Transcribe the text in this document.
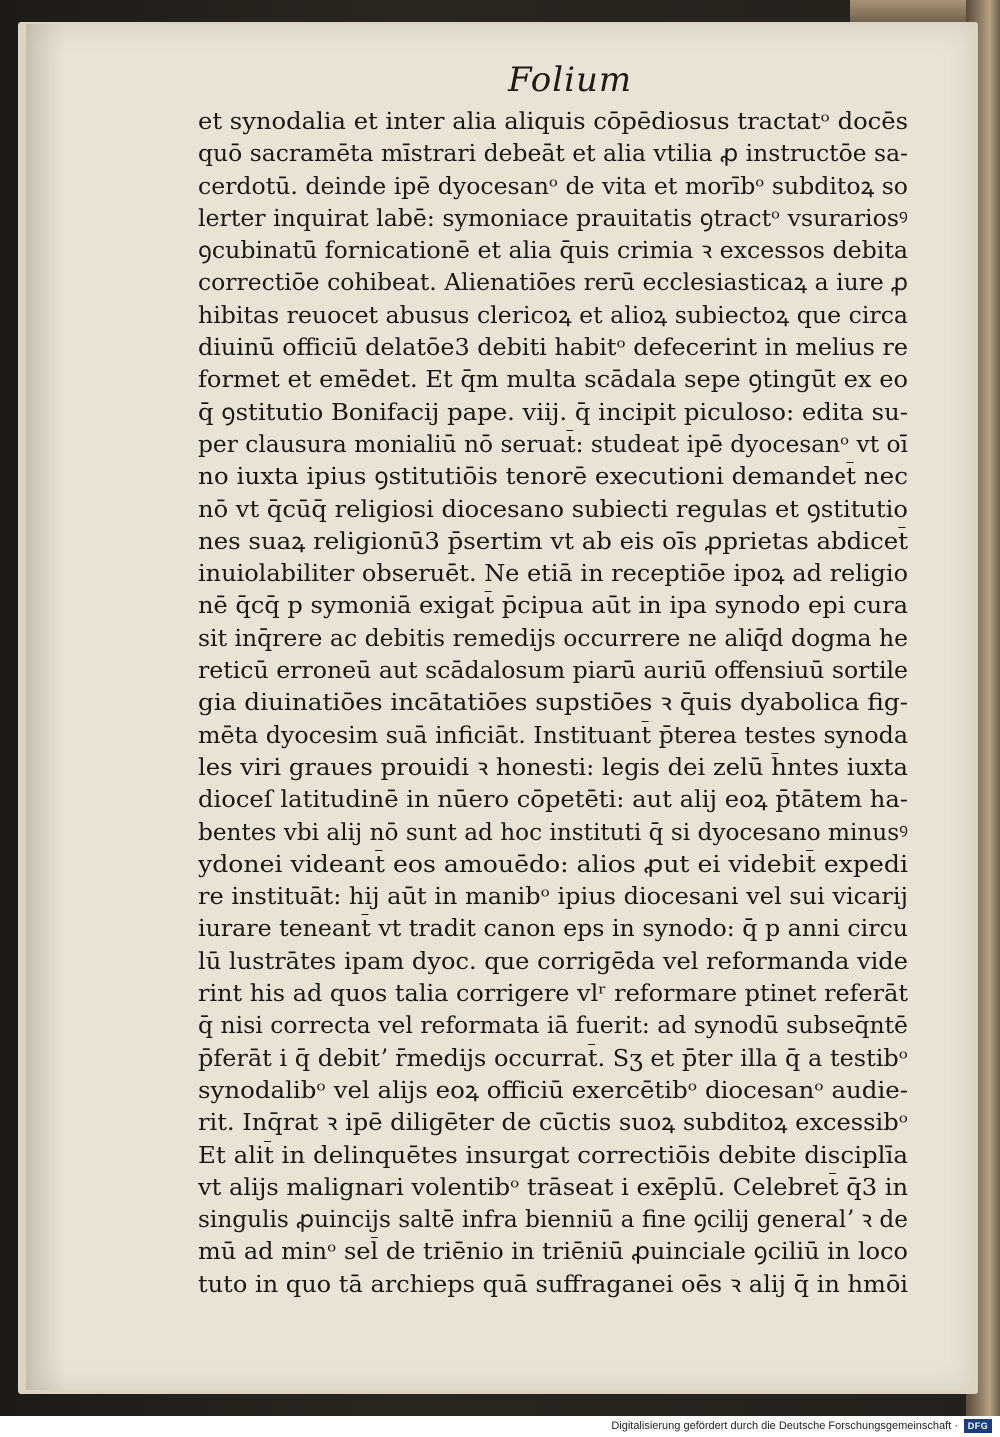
Folium
et synodalia et inter alia aliquis cōpēdiosus tractatᵒ docēs
quō sacramēta mīstrari debeāt et alia vtilia ꝓ instructōe sa‑
cerdotū. deinde ipē dyocesanᵒ de vita et morībᵒ subditoꝝ so
lerter inquirat labē: symoniace prauitatis ꝯtractᵒ vsurariosꝰ
ꝯcubinatū fornicationē et alia q̄uis crimia ꝛ excessos debita
correctiōe cohibeat. Alienatiōes rerū ecclesiasticaꝝ a iure ꝓ
hibitas reuocet abusus clericoꝝ et alioꝝ subiectoꝝ que circa
diuinū officiū delatōe3 debiti habitᵒ defecerint in melius re
formet et emēdet. Et q̄m multa scādala sepe ꝯtingūt ex eo
q̄ ꝯstitutio Bonifacij pape. viij. q̄ incipit piculoso: edita su‑
per clausura monialiū nō seruat̄: studeat ipē dyocesanᵒ vt oī
no iuxta ipius ꝯstitutiōis tenorē executioni demandet̄ nec
nō vt q̄cūq̄ religiosi diocesano subiecti regulas et ꝯstitutio
nes suaꝝ religionū3 p̄sertim vt ab eis oīs ꝓprietas abdicet̄
inuiolabiliter obseruēt. Ne etiā in receptiōe ipoꝝ ad religio
nē q̄cq̄ p symoniā exigat̄ p̄cipua aūt in ipa synodo epi cura
sit inq̄rere ac debitis remedijs occurrere ne aliq̄d dogma he
reticū erroneū aut scādalosum piarū auriū offensiuū sortile
gia diuinatiōes incātatiōes supstiōes ꝛ q̄uis dyabolica fig‑
mēta dyocesim suā inficiāt. Instituant̄ p̄terea testes synoda
les viri graues prouidi ꝛ honesti: legis dei zelū h̄ntes iuxta
dioceſ latitudinē in nūero cōpetēti: aut alij eoꝝ p̄tātem ha‑
bentes vbi alij nō sunt ad hoc instituti q̄ si dyocesano minusꝰ
ydonei videant̄ eos amouēdo: alios ꝓut ei videbit̄ expedi
re instituāt: hij aūt in manibᵒ ipius diocesani vel sui vicarij
iurare teneant̄ vt tradit canon eps in synodo: q̄ p anni circu
lū lustrātes ipam dyoc. que corrigēda vel reformanda vide
rint his ad quos talia corrigere vlʳ reformare ptinet referāt
q̄ nisi correcta vel reformata iā fuerit: ad synodū subseq̄ntē
p̄ferāt i q̄ debitʼ r̄medijs occurrat̄. Sʒ et p̄ter illa q̄ a testibᵒ
synodalibᵒ vel alijs eoꝝ officiū exercētibᵒ diocesanᵒ audie‑
rit. Inq̄rat ꝛ ipē diligēter de cūctis suoꝝ subditoꝝ excessibᵒ
Et alit̄ in delinquētes insurgat correctiōis debite disciplīa
vt alijs malignari volentibᵒ trāseat i exēplū. Celebret̄ q̄3 in
singulis ꝓuincijs saltē infra bienniū a fine ꝯcilij generalʼ ꝛ de
mū ad minᵒ sel̄ de triēnio in triēniū ꝓuinciale ꝯciliū in loco
tuto in quo tā archieps quā suffraganei oēs ꝛ alij q̄ in hmōi
Digitalisierung gefördert durch die Deutsche Forschungsgemeinschaft ·	DFG
